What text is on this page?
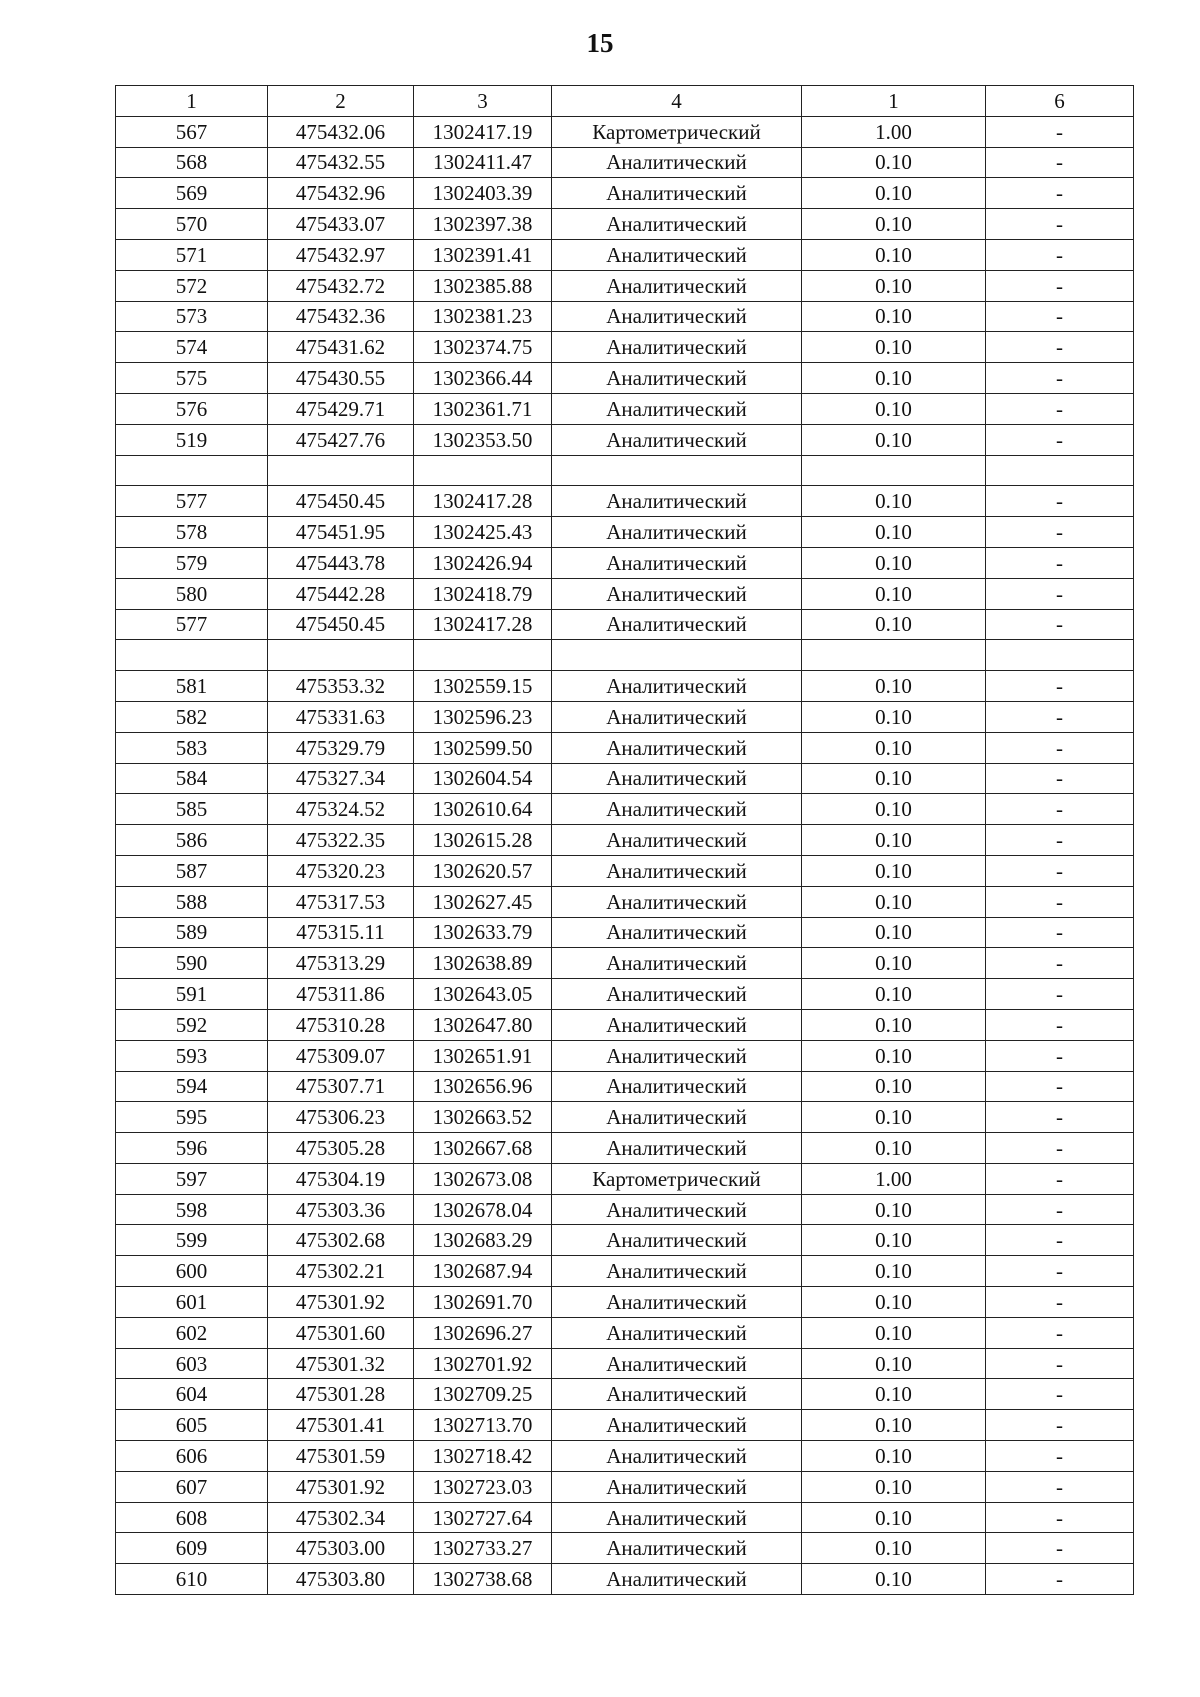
15
1	2	3	4	1	6
567	475432.06	1302417.19	Картометрический	1.00	-
568	475432.55	1302411.47	Аналитический	0.10	-
569	475432.96	1302403.39	Аналитический	0.10	-
570	475433.07	1302397.38	Аналитический	0.10	-
571	475432.97	1302391.41	Аналитический	0.10	-
572	475432.72	1302385.88	Аналитический	0.10	-
573	475432.36	1302381.23	Аналитический	0.10	-
574	475431.62	1302374.75	Аналитический	0.10	-
575	475430.55	1302366.44	Аналитический	0.10	-
576	475429.71	1302361.71	Аналитический	0.10	-
519	475427.76	1302353.50	Аналитический	0.10	-

577	475450.45	1302417.28	Аналитический	0.10	-
578	475451.95	1302425.43	Аналитический	0.10	-
579	475443.78	1302426.94	Аналитический	0.10	-
580	475442.28	1302418.79	Аналитический	0.10	-
577	475450.45	1302417.28	Аналитический	0.10	-

581	475353.32	1302559.15	Аналитический	0.10	-
582	475331.63	1302596.23	Аналитический	0.10	-
583	475329.79	1302599.50	Аналитический	0.10	-
584	475327.34	1302604.54	Аналитический	0.10	-
585	475324.52	1302610.64	Аналитический	0.10	-
586	475322.35	1302615.28	Аналитический	0.10	-
587	475320.23	1302620.57	Аналитический	0.10	-
588	475317.53	1302627.45	Аналитический	0.10	-
589	475315.11	1302633.79	Аналитический	0.10	-
590	475313.29	1302638.89	Аналитический	0.10	-
591	475311.86	1302643.05	Аналитический	0.10	-
592	475310.28	1302647.80	Аналитический	0.10	-
593	475309.07	1302651.91	Аналитический	0.10	-
594	475307.71	1302656.96	Аналитический	0.10	-
595	475306.23	1302663.52	Аналитический	0.10	-
596	475305.28	1302667.68	Аналитический	0.10	-
597	475304.19	1302673.08	Картометрический	1.00	-
598	475303.36	1302678.04	Аналитический	0.10	-
599	475302.68	1302683.29	Аналитический	0.10	-
600	475302.21	1302687.94	Аналитический	0.10	-
601	475301.92	1302691.70	Аналитический	0.10	-
602	475301.60	1302696.27	Аналитический	0.10	-
603	475301.32	1302701.92	Аналитический	0.10	-
604	475301.28	1302709.25	Аналитический	0.10	-
605	475301.41	1302713.70	Аналитический	0.10	-
606	475301.59	1302718.42	Аналитический	0.10	-
607	475301.92	1302723.03	Аналитический	0.10	-
608	475302.34	1302727.64	Аналитический	0.10	-
609	475303.00	1302733.27	Аналитический	0.10	-
610	475303.80	1302738.68	Аналитический	0.10	-
